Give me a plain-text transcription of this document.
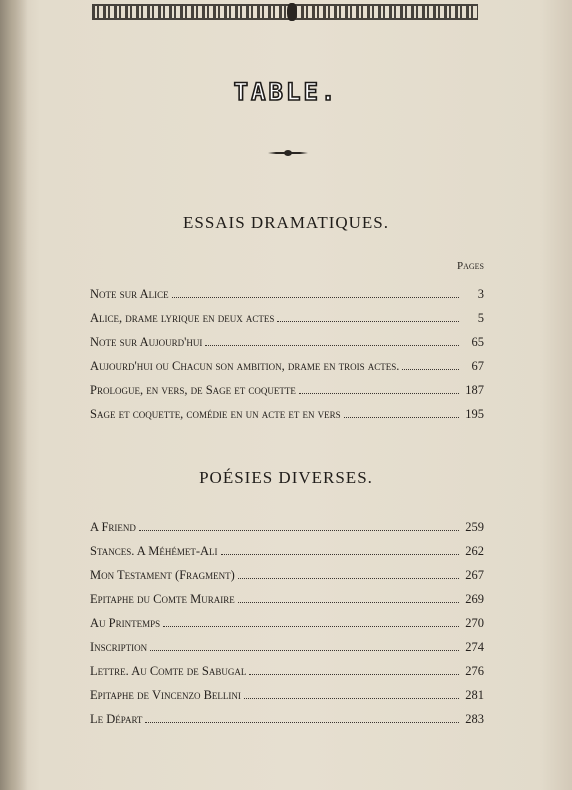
TABLE.
ESSAIS DRAMATIQUES.
Pages
Note sur Alice	3
Alice, drame lyrique en deux actes	5
Note sur Aujourd'hui	65
Aujourd'hui ou Chacun son ambition, drame en trois actes.	67
Prologue, en vers, de Sage et coquette	187
Sage et coquette, comédie en un acte et en vers	195
POÉSIES DIVERSES.
A Friend	259
Stances. A Méhémet-Ali	262
Mon Testament (Fragment)	267
Epitaphe du Comte Muraire	269
Au Printemps	270
Inscription	274
Lettre. Au Comte de Sabugal	276
Epitaphe de Vincenzo Bellini	281
Le Départ	283
